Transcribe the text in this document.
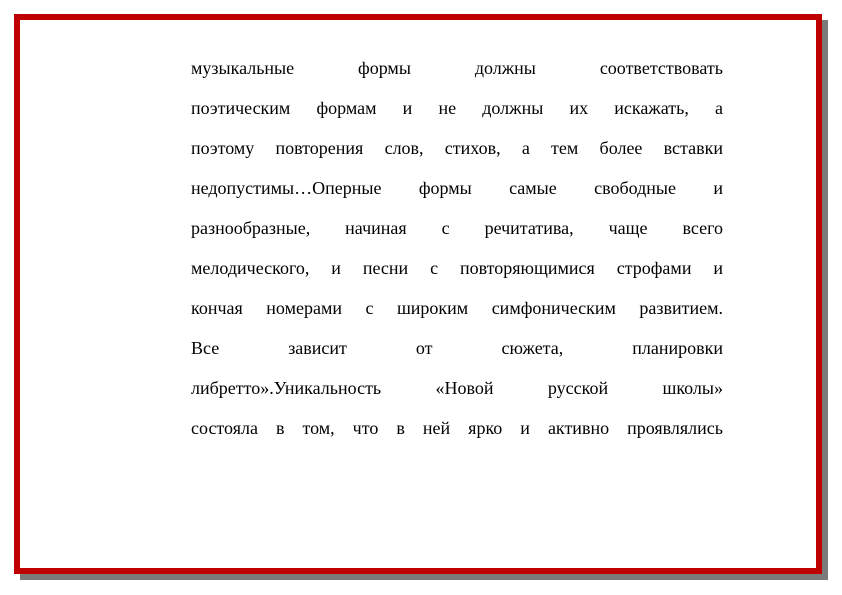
музыкальные формы должны соответствовать
поэтическим формам и не должны их искажать, а
поэтому повторения слов, стихов, а тем более вставки
недопустимы…Оперные формы самые свободные и
разнообразные, начиная с речитатива, чаще всего
мелодического, и песни с повторяющимися строфами и
кончая номерами с широким симфоническим развитием.
Все зависит от сюжета, планировки
либретто».Уникальность «Новой русской школы»
состояла в том, что в ней ярко и активно проявлялись
